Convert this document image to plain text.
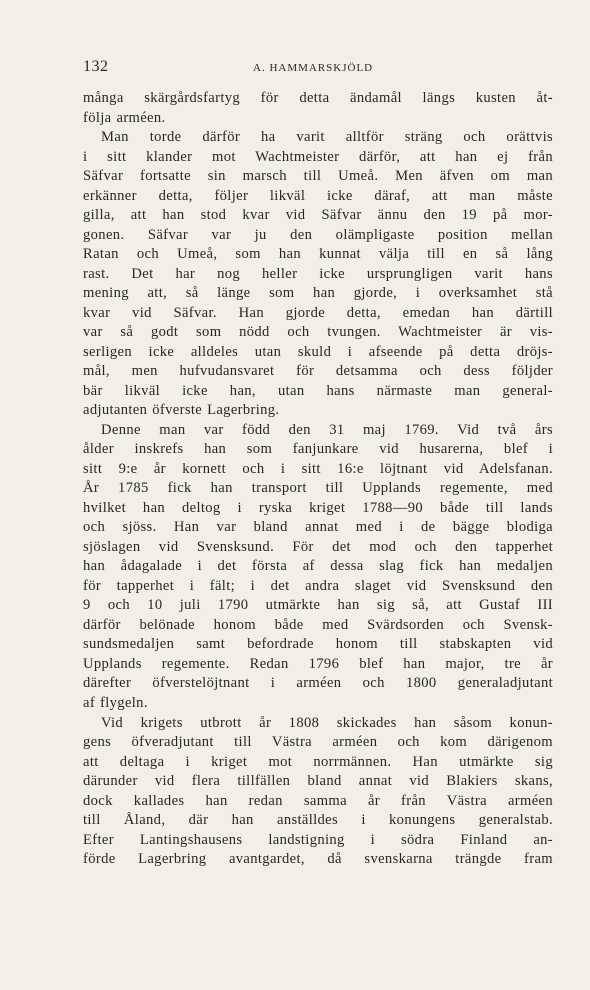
132	A. HAMMARSKJÖLD
många skärgårdsfartyg för detta ändamål längs kusten åt-
följa arméen.
Man torde därför ha varit alltför sträng och orättvis
i sitt klander mot Wachtmeister därför, att han ej från
Säfvar fortsatte sin marsch till Umeå. Men äfven om man
erkänner detta, följer likväl icke däraf, att man måste
gilla, att han stod kvar vid Säfvar ännu den 19 på mor-
gonen. Säfvar var ju den olämpligaste position mellan
Ratan och Umeå, som han kunnat välja till en så lång
rast. Det har nog heller icke ursprungligen varit hans
mening att, så länge som han gjorde, i overksamhet stå
kvar vid Säfvar. Han gjorde detta, emedan han därtill
var så godt som nödd och tvungen. Wachtmeister är vis-
serligen icke alldeles utan skuld i afseende på detta dröjs-
mål, men hufvudansvaret för detsamma och dess följder
bär likväl icke han, utan hans närmaste man general-
adjutanten öfverste Lagerbring.
Denne man var född den 31 maj 1769. Vid två års
ålder inskrefs han som fanjunkare vid husarerna, blef i
sitt 9:e år kornett och i sitt 16:e löjtnant vid Adelsfanan.
År 1785 fick han transport till Upplands regemente, med
hvilket han deltog i ryska kriget 1788—90 både till lands
och sjöss. Han var bland annat med i de bägge blodiga
sjöslagen vid Svensksund. För det mod och den tapperhet
han ådagalade i det första af dessa slag fick han medaljen
för tapperhet i fält; i det andra slaget vid Svensksund den
9 och 10 juli 1790 utmärkte han sig så, att Gustaf III
därför belönade honom både med Svärdsorden och Svensk-
sundsmedaljen samt befordrade honom till stabskapten vid
Upplands regemente. Redan 1796 blef han major, tre år
därefter öfverstelöjtnant i arméen och 1800 generaladjutant
af flygeln.
Vid krigets utbrott år 1808 skickades han såsom konun-
gens öfveradjutant till Västra arméen och kom därigenom
att deltaga i kriget mot norrmännen. Han utmärkte sig
därunder vid flera tillfällen bland annat vid Blakiers skans,
dock kallades han redan samma år från Västra arméen
till Åland, där han anställdes i konungens generalstab.
Efter Lantingshausens landstigning i södra Finland an-
förde Lagerbring avantgardet, då svenskarna trängde fram
